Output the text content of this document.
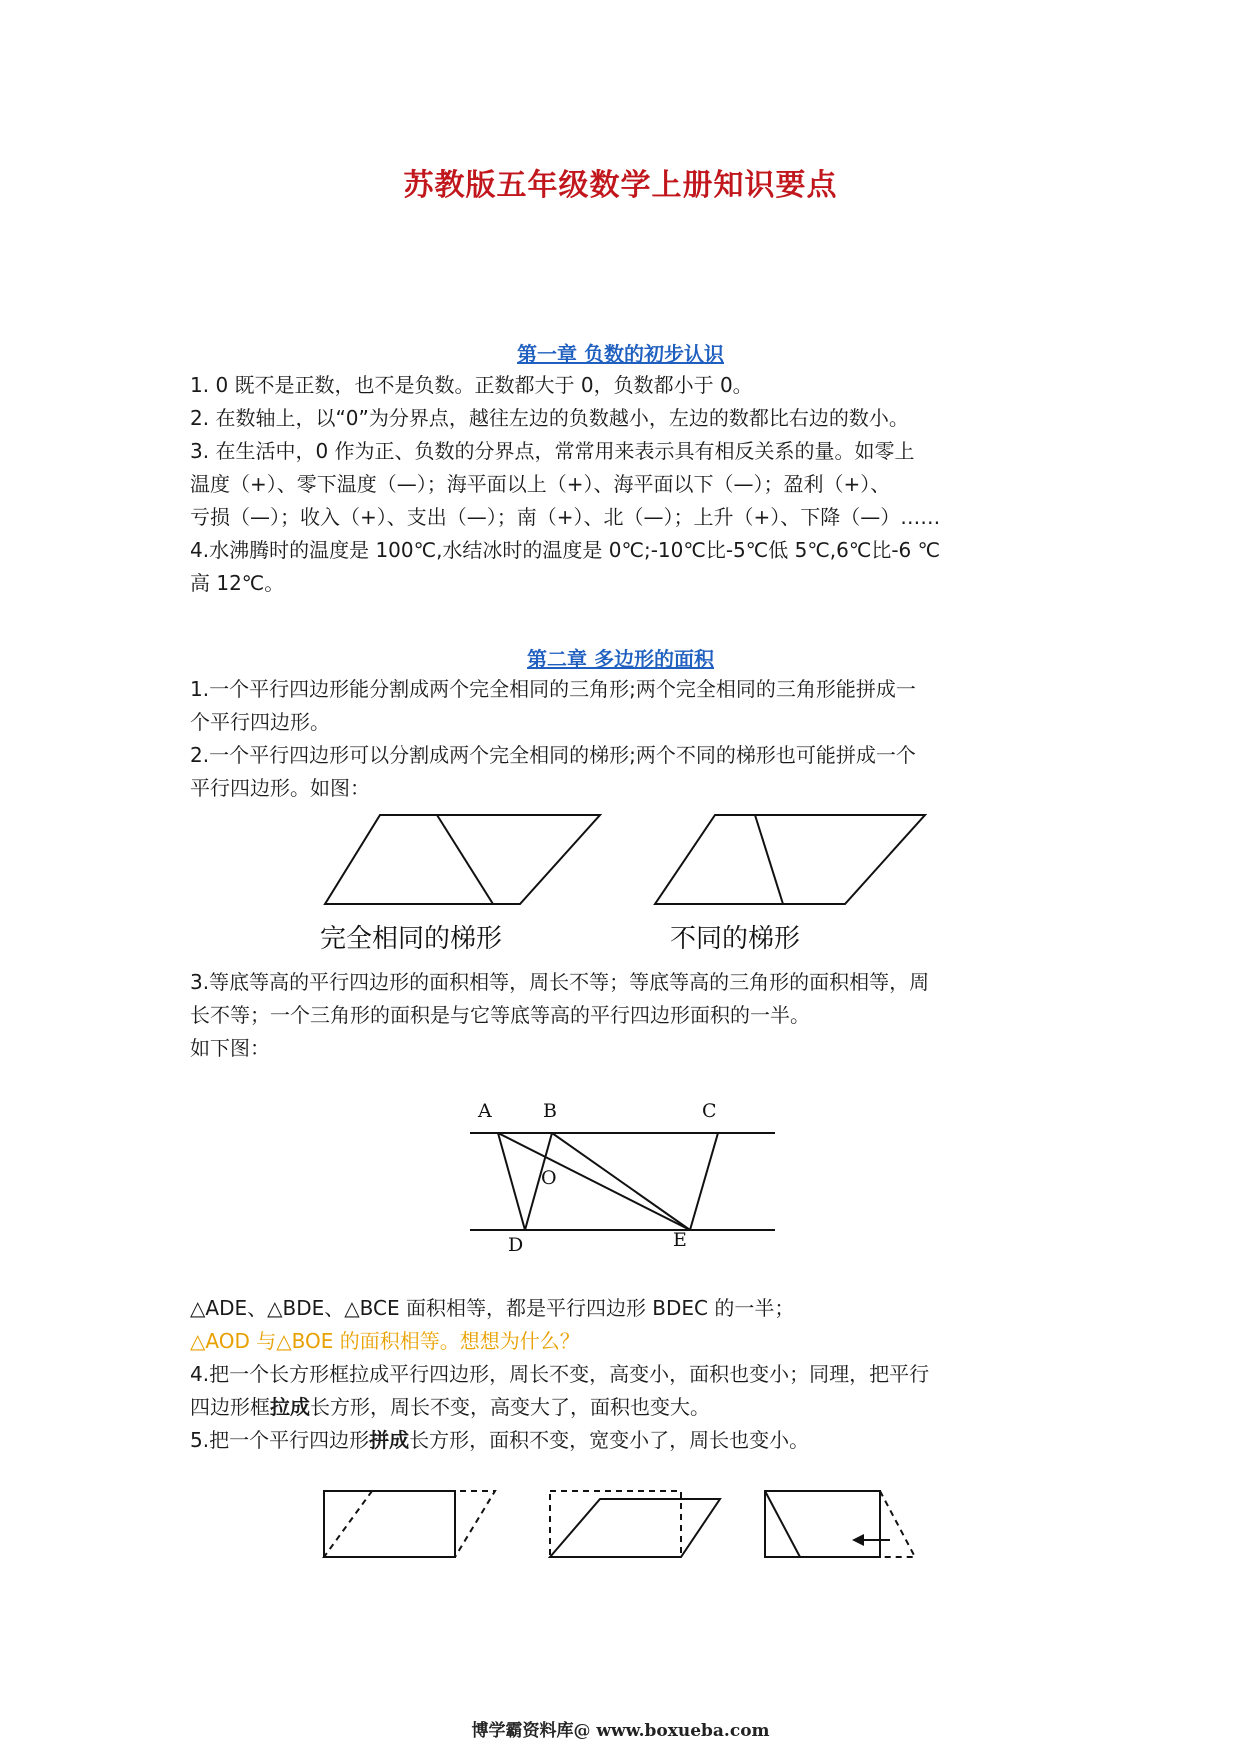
苏教版五年级数学上册知识要点
第一章 负数的初步认识
1. 0 既不是正数，也不是负数。正数都大于 0，负数都小于 0。
2. 在数轴上，以“0”为分界点，越往左边的负数越小，左边的数都比右边的数小。
3. 在生活中，0 作为正、负数的分界点，常常用来表示具有相反关系的量。如零上
温度（+）、零下温度（—）；海平面以上（+）、海平面以下（—）；盈利（+）、
亏损（—）；收入（+）、支出（—）；南（+）、北（—）；上升（+）、下降（—）……
4.水沸腾时的温度是 100℃,水结冰时的温度是 0℃;-10℃比-5℃低 5℃,6℃比-6 ℃
高 12℃。
第二章 多边形的面积
1.一个平行四边形能分割成两个完全相同的三角形;两个完全相同的三角形能拼成一
个平行四边形。
2.一个平行四边形可以分割成两个完全相同的梯形;两个不同的梯形也可能拼成一个
平行四边形。如图：
完全相同的梯形	不同的梯形
3.等底等高的平行四边形的面积相等，周长不等；等底等高的三角形的面积相等，周
长不等；一个三角形的面积是与它等底等高的平行四边形面积的一半。
如下图：
A	B	C
O
D	E
△ADE、△BDE、△BCE 面积相等，都是平行四边形 BDEC 的一半；
△AOD 与△BOE 的面积相等。想想为什么？
4.把一个长方形框拉成平行四边形，周长不变，高变小，面积也变小；同理，把平行
四边形框拉成长方形，周长不变，高变大了，面积也变大。
5.把一个平行四边形拼成长方形，面积不变，宽变小了，周长也变小。
博学霸资料库@ www.boxueba.com
